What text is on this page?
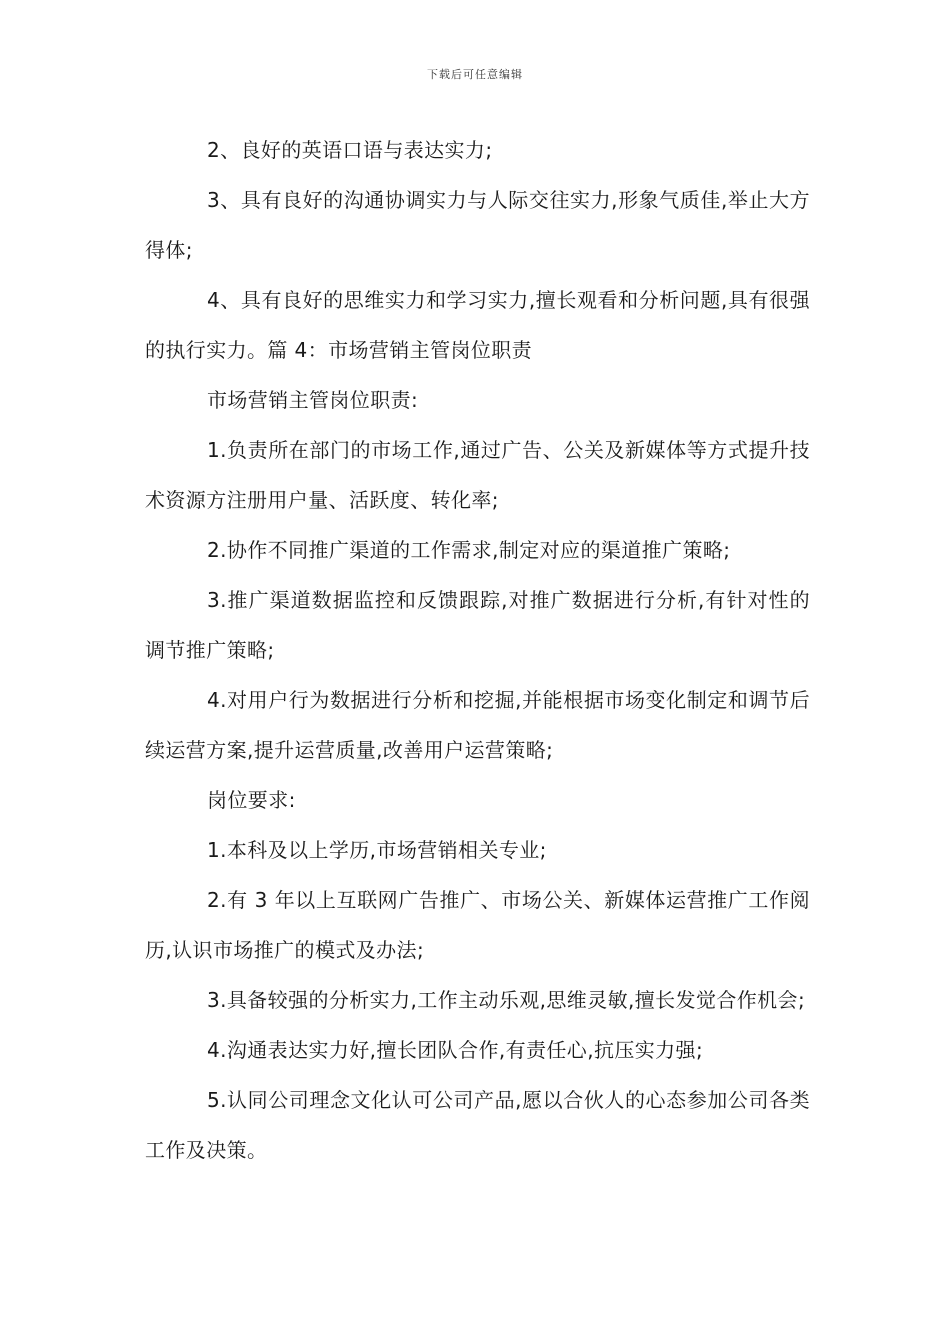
下载后可任意编辑

2、良好的英语口语与表达实力;

3、具有良好的沟通协调实力与人际交往实力,形象气质佳,举止大方得体;

4、具有良好的思维实力和学习实力,擅长观看和分析问题,具有很强的执行实力。篇 4：市场营销主管岗位职责

市场营销主管岗位职责:

1.负责所在部门的市场工作,通过广告、公关及新媒体等方式提升技术资源方注册用户量、活跃度、转化率;

2.协作不同推广渠道的工作需求,制定对应的渠道推广策略;

3.推广渠道数据监控和反馈跟踪,对推广数据进行分析,有针对性的调节推广策略;

4.对用户行为数据进行分析和挖掘,并能根据市场变化制定和调节后续运营方案,提升运营质量,改善用户运营策略;

岗位要求:

1.本科及以上学历,市场营销相关专业;

2.有 3 年以上互联网广告推广、市场公关、新媒体运营推广工作阅历,认识市场推广的模式及办法;

3.具备较强的分析实力,工作主动乐观,思维灵敏,擅长发觉合作机会;

4.沟通表达实力好,擅长团队合作,有责任心,抗压实力强;

5.认同公司理念文化认可公司产品,愿以合伙人的心态参加公司各类工作及决策。
